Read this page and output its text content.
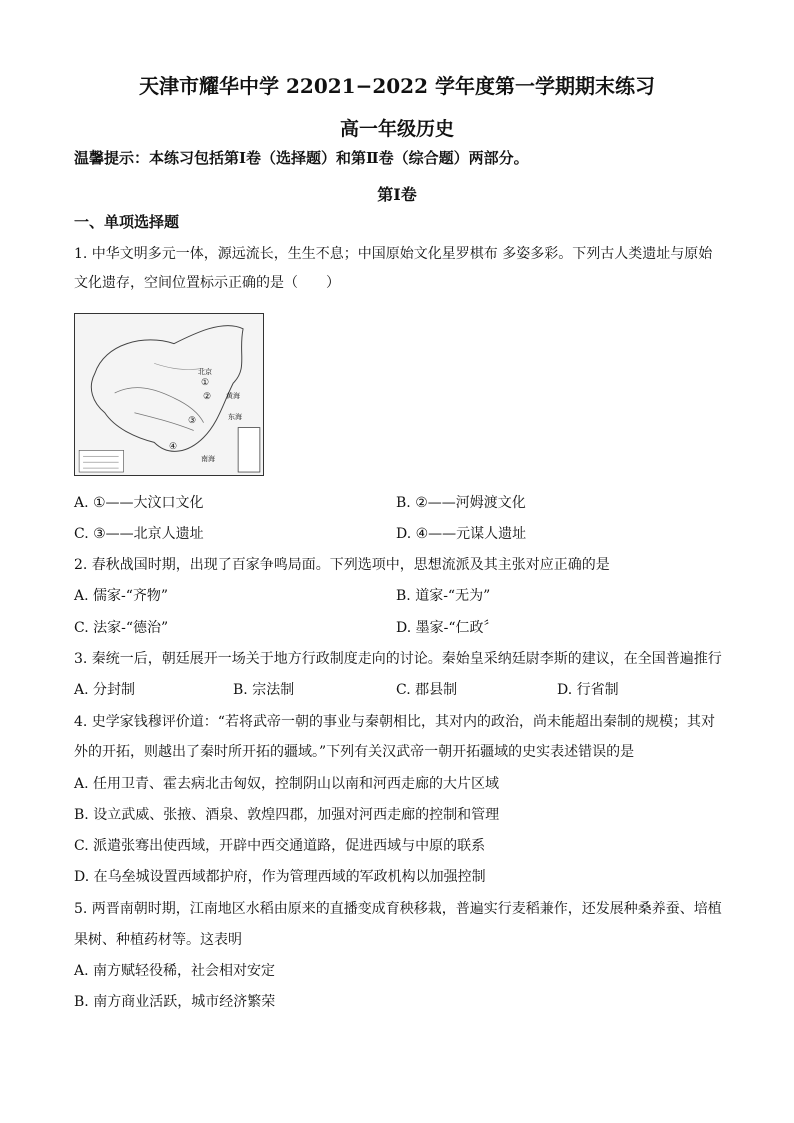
天津市耀华中学 22021−2022 学年度第一学期期末练习
高一年级历史
温馨提示：本练习包括第Ⅰ卷（选择题）和第Ⅱ卷（综合题）两部分。
第Ⅰ卷
一、单项选择题
1. 中华文明多元一体，源远流长，生生不息；中国原始文化星罗棋布 多姿多彩。下列古人类遗址与原始
文化遗存，空间位置标示正确的是（　　）
北京
①
②
③
④
黄海
东海
南海
A. ①——大汶口文化	B. ②——河姆渡文化
C. ③——北京人遗址	D. ④——元谋人遗址
2. 春秋战国时期，出现了百家争鸣局面。下列选项中，思想流派及其主张对应正确的是
A. 儒家-“齐物”	B. 道家-“无为”
C. 法家-“德治”	D. 墨家-“仁政〞
3. 秦统一后，朝廷展开一场关于地方行政制度走向的讨论。秦始皇采纳廷尉李斯的建议，在全国普遍推行
A. 分封制	B. 宗法制	C. 郡县制	D. 行省制
4. 史学家钱穆评价道：“若将武帝一朝的事业与秦朝相比，其对内的政治，尚未能超出秦制的规模；其对
外的开拓，则越出了秦时所开拓的疆域。”下列有关汉武帝一朝开拓疆域的史实表述错误的是
A. 任用卫青、霍去病北击匈奴，控制阴山以南和河西走廊的大片区域
B. 设立武威、张掖、酒泉、敦煌四郡，加强对河西走廊的控制和管理
C. 派遣张骞出使西域，开辟中西交通道路，促进西域与中原的联系
D. 在乌垒城设置西域都护府，作为管理西域的军政机构以加强控制
5. 两晋南朝时期，江南地区水稻由原来的直播变成育秧移栽，普遍实行麦稻兼作，还发展种桑养蚕、培植
果树、种植药材等。这表明
A. 南方赋轻役稀，社会相对安定
B. 南方商业活跃，城市经济繁荣
